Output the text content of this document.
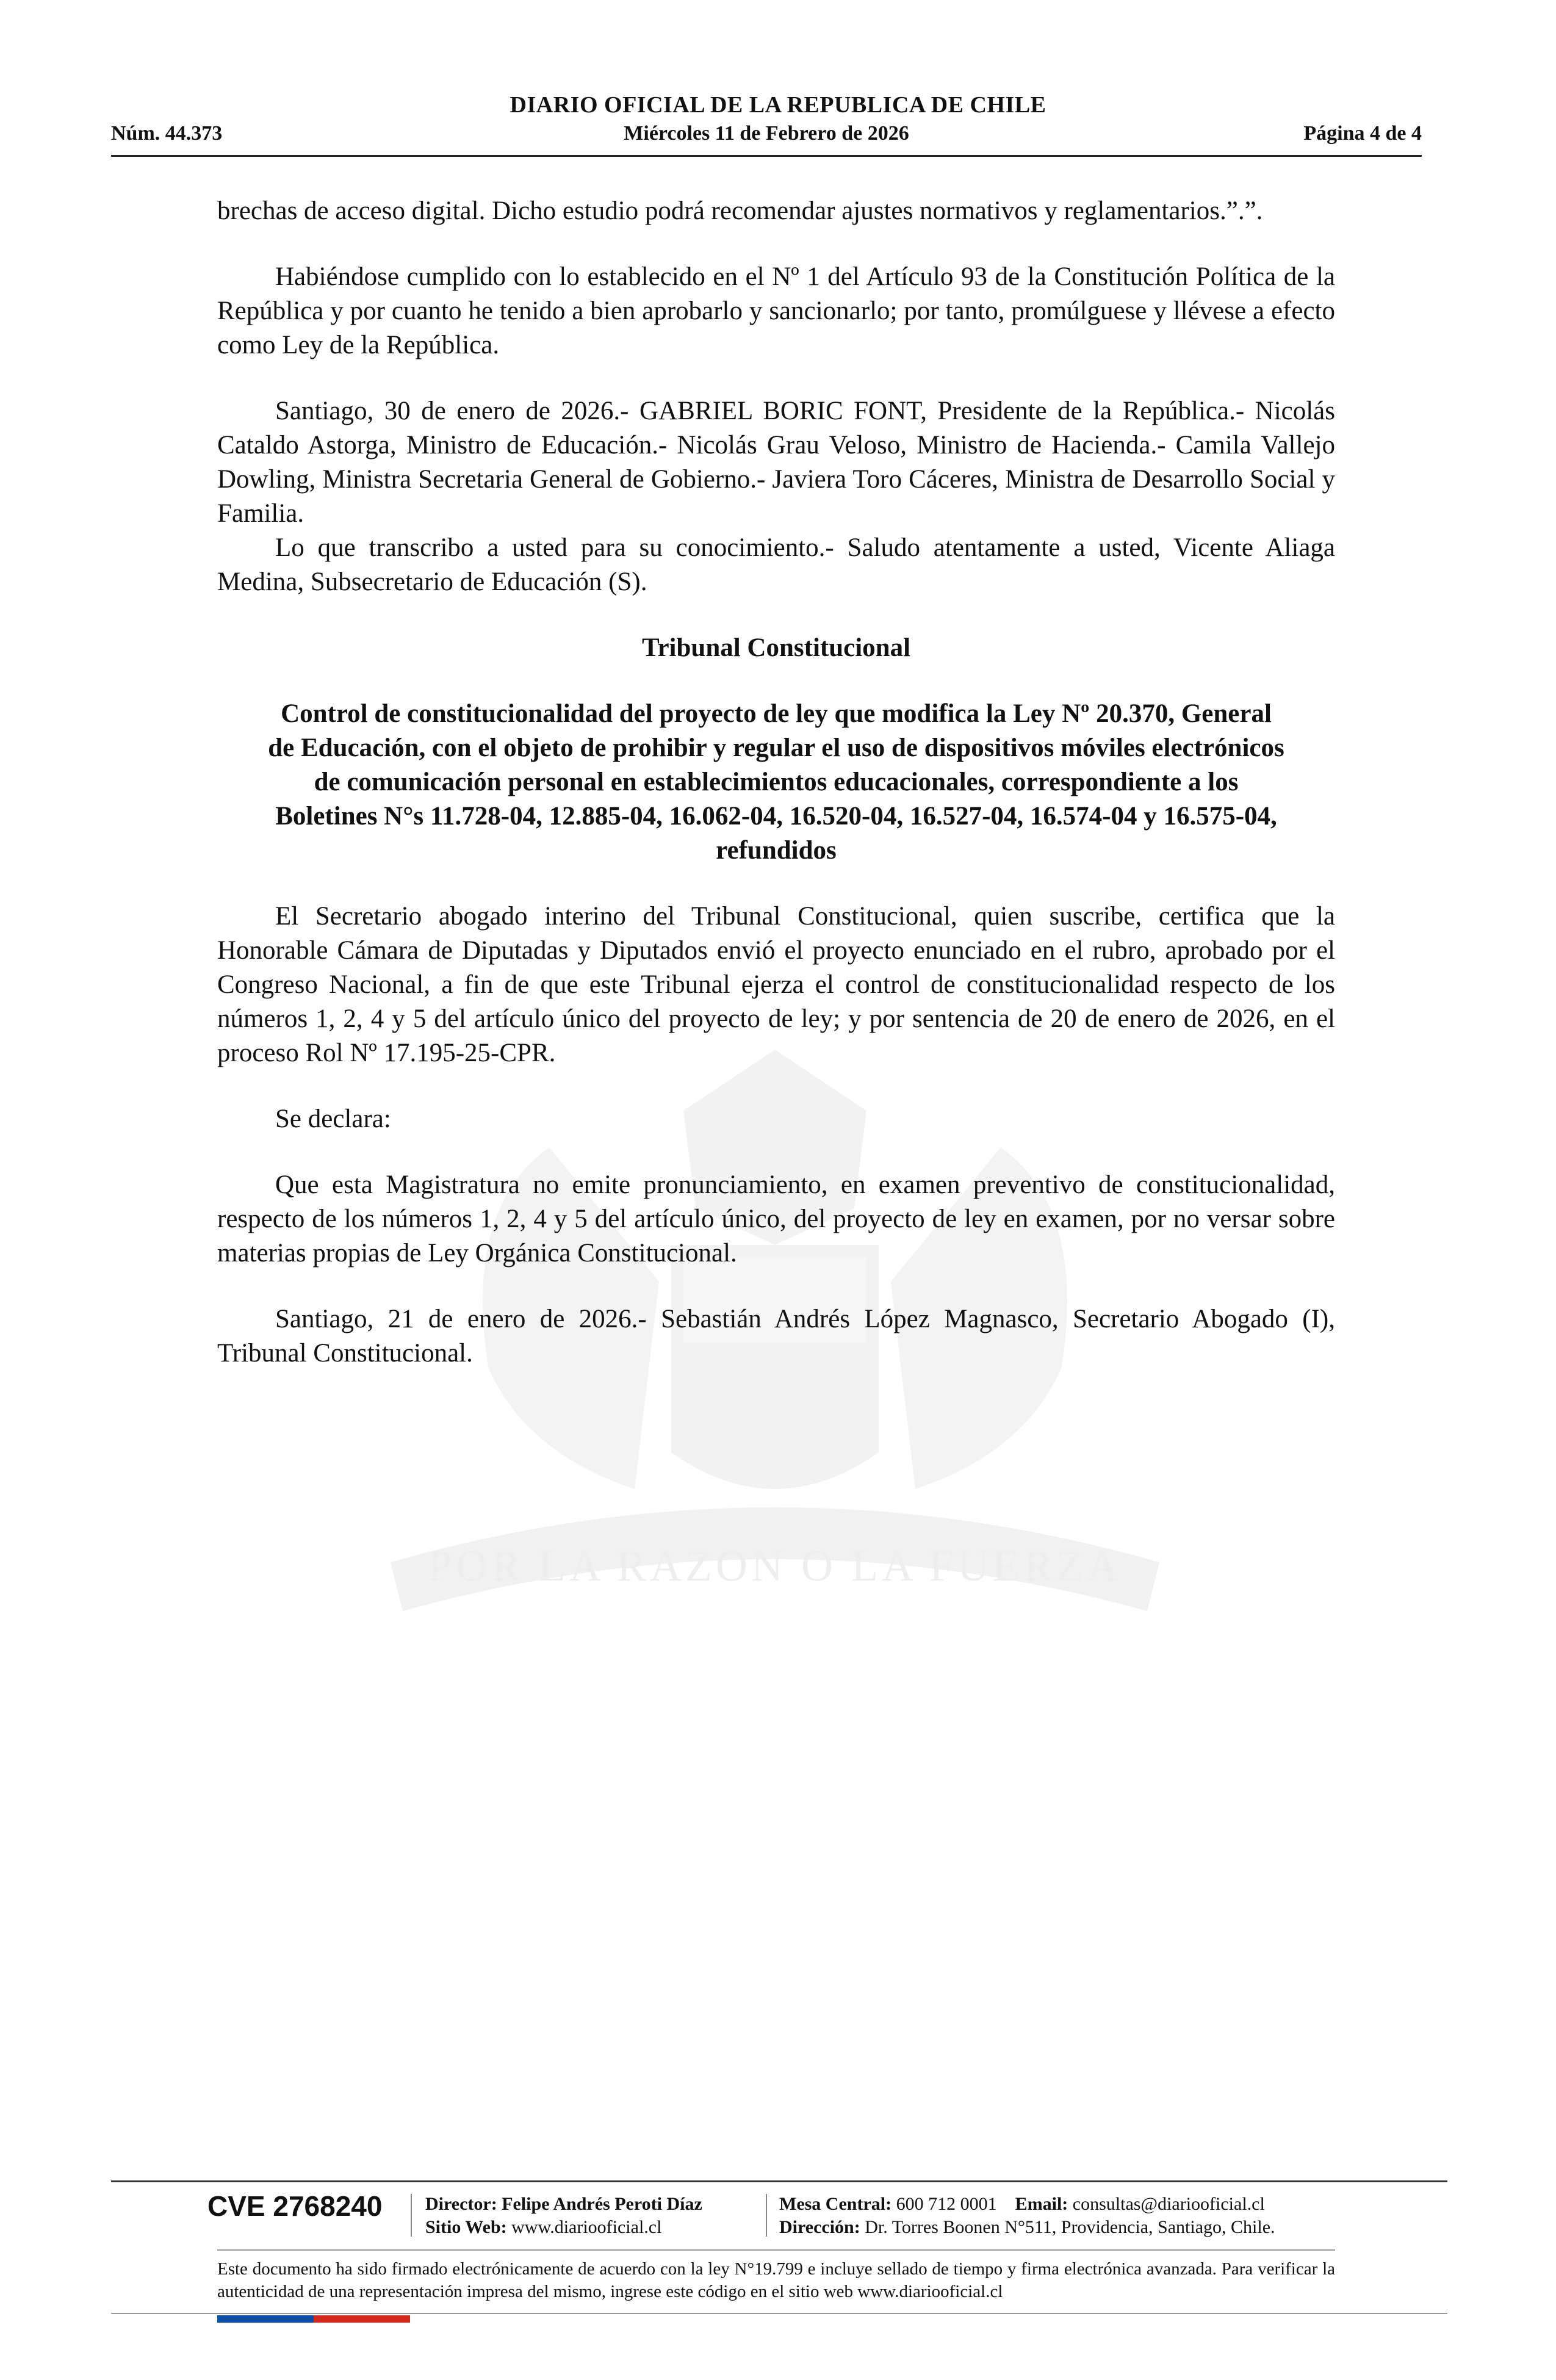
POR LA RAZON O LA FUERZA
DIARIO OFICIAL DE LA REPUBLICA DE CHILE
Núm. 44.373	Miércoles 11 de Febrero de 2026	Página 4 de 4

brechas de acceso digital. Dicho estudio podrá recomendar ajustes normativos y reglamentarios.”.”.

Habiéndose cumplido con lo establecido en el Nº 1 del Artículo 93 de la Constitución Política de la República y por cuanto he tenido a bien aprobarlo y sancionarlo; por tanto, promúlguese y llévese a efecto como Ley de la República.

Santiago, 30 de enero de 2026.- GABRIEL BORIC FONT, Presidente de la República.- Nicolás Cataldo Astorga, Ministro de Educación.- Nicolás Grau Veloso, Ministro de Hacienda.- Camila Vallejo Dowling, Ministra Secretaria General de Gobierno.- Javiera Toro Cáceres, Ministra de Desarrollo Social y Familia.

Lo que transcribo a usted para su conocimiento.- Saludo atentamente a usted, Vicente Aliaga Medina, Subsecretario de Educación (S).

Tribunal Constitucional

Control de constitucionalidad del proyecto de ley que modifica la Ley Nº 20.370, General
de Educación, con el objeto de prohibir y regular el uso de dispositivos móviles electrónicos
de comunicación personal en establecimientos educacionales, correspondiente a los
Boletines N°s 11.728-04, 12.885-04, 16.062-04, 16.520-04, 16.527-04, 16.574-04 y 16.575-04,
refundidos

El Secretario abogado interino del Tribunal Constitucional, quien suscribe, certifica que la Honorable Cámara de Diputadas y Diputados envió el proyecto enunciado en el rubro, aprobado por el Congreso Nacional, a fin de que este Tribunal ejerza el control de constitucionalidad respecto de los números 1, 2, 4 y 5 del artículo único del proyecto de ley; y por sentencia de 20 de enero de 2026, en el proceso Rol Nº 17.195-25-CPR.

Se declara:

Que esta Magistratura no emite pronunciamiento, en examen preventivo de constitucionalidad, respecto de los números 1, 2, 4 y 5 del artículo único, del proyecto de ley en examen, por no versar sobre materias propias de Ley Orgánica Constitucional.

Santiago, 21 de enero de 2026.- Sebastián Andrés López Magnasco, Secretario Abogado (I), Tribunal Constitucional.

CVE 2768240 Director: Felipe Andrés Peroti Díaz
Sitio Web: www.diariooficial.cl
Mesa Central: 600 712 0001 Email: consultas@diariooficial.cl
Dirección: Dr. Torres Boonen N°511, Providencia, Santiago, Chile.
Este documento ha sido firmado electrónicamente de acuerdo con la ley N°19.799 e incluye sellado de tiempo y firma electrónica avanzada. Para verificar la autenticidad de una representación impresa del mismo, ingrese este código en el sitio web www.diariooficial.cl
